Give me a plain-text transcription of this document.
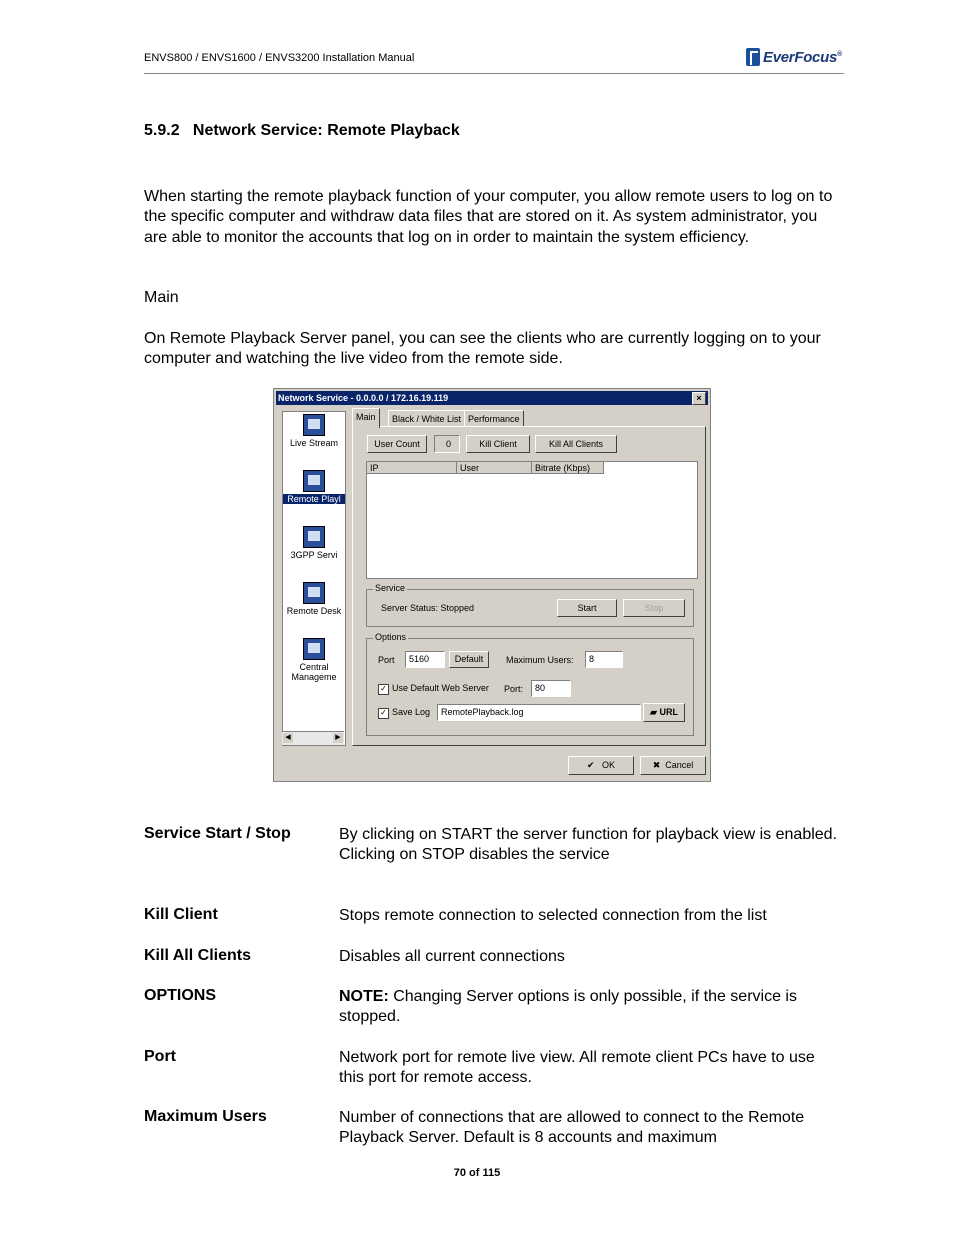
ENVS800 / ENVS1600 / ENVS3200 Installation Manual	EverFocus®
5.9.2   Network Service: Remote Playback
When starting the remote playback function of your computer, you allow remote users to log on to the specific computer and withdraw data files that are stored on it. As system administrator, you are able to monitor the accounts that log on in order to maintain the system efficiency.
Main
On Remote Playback Server panel, you can see the clients who are currently logging on to your computer and watching the live video from the remote side.
Network Service - 0.0.0.0 / 172.16.19.119	×
Live Stream
Remote Playl
3GPP Servi
Remote Desk
Central
Manageme
◀	▶
Main	Black / White List Performance
User Count	0	Kill Client	Kill All Clients
IP	User	Bitrate (Kbps)
Service
Server Status: Stopped	Start	Stop
Options
Port	5160	Default	Maximum Users:	8
✓ Use Default Web Server Port:	80
✓ Save Log	RemotePlayback.log	▰ URL
✔   OK	✖  Cancel
Service Start / Stop	By clicking on START the server function for playback view is enabled.
Clicking on STOP disables the service
Kill Client	Stops remote connection to selected connection from the list
Kill All Clients	Disables all current connections
OPTIONS	NOTE: Changing Server options is only possible, if the service is stopped.
Port	Network port for remote live view. All remote client PCs have to use this port for remote access.
Maximum Users	Number of connections that are allowed to connect to the Remote Playback Server. Default is 8 accounts and maximum
70 of 115
